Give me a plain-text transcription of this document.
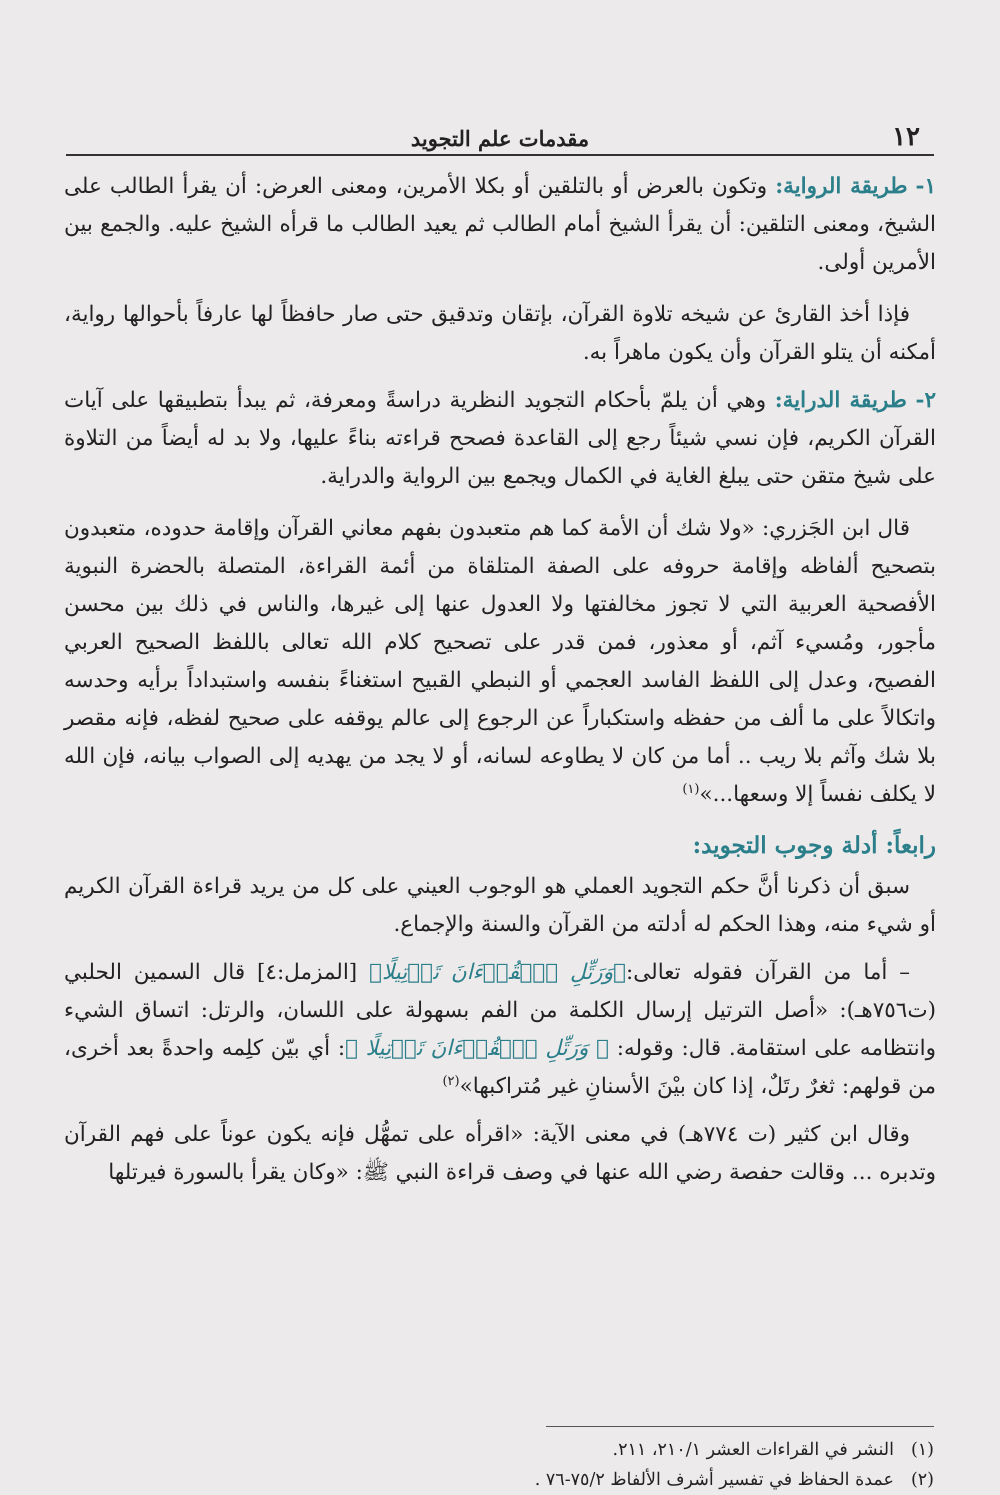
١٢
مقدمات علم التجويد

١- طريقة الرواية: وتكون بالعرض أو بالتلقين أو بكلا الأمرين، ومعنى العرض: أن يقرأ الطالب على الشيخ، ومعنى التلقين: أن يقرأ الشيخ أمام الطالب ثم يعيد الطالب ما قرأه الشيخ عليه. والجمع بين الأمرين أولى.

فإذا أخذ القارئ عن شيخه تلاوة القرآن، بإتقان وتدقيق حتى صار حافظاً لها عارفاً بأحوالها رواية، أمكنه أن يتلو القرآن وأن يكون ماهراً به.

٢- طريقة الدراية: وهي أن يلمّ بأحكام التجويد النظرية دراسةً ومعرفة، ثم يبدأ بتطبيقها على آيات القرآن الكريم، فإن نسي شيئاً رجع إلى القاعدة فصحح قراءته بناءً عليها، ولا بد له أيضاً من التلاوة على شيخ متقن حتى يبلغ الغاية في الكمال ويجمع بين الرواية والدراية.

قال ابن الجَزري: «ولا شك أن الأمة كما هم متعبدون بفهم معاني القرآن وإقامة حدوده، متعبدون بتصحيح ألفاظه وإقامة حروفه على الصفة المتلقاة من أئمة القراءة، المتصلة بالحضرة النبوية الأفصحية العربية التي لا تجوز مخالفتها ولا العدول عنها إلى غيرها، والناس في ذلك بين محسن مأجور، ومُسيء آثم، أو معذور، فمن قدر على تصحيح كلام الله تعالى باللفظ الصحيح العربي الفصيح، وعدل إلى اللفظ الفاسد العجمي أو النبطي القبيح استغناءً بنفسه واستبداداً برأيه وحدسه واتكالاً على ما ألف من حفظه واستكباراً عن الرجوع إلى عالم يوقفه على صحيح لفظه، فإنه مقصر بلا شك وآثم بلا ريب .. أما من كان لا يطاوعه لسانه، أو لا يجد من يهديه إلى الصواب بيانه، فإن الله لا يكلف نفساً إلا وسعها...»$^{(١)}$

رابعاً: أدلة وجوب التجويد:

سبق أن ذكرنا أنَّ حكم التجويد العملي هو الوجوب العيني على كل من يريد قراءة القرآن الكريم أو شيء منه، وهذا الحكم له أدلته من القرآن والسنة والإجماع.

– أما من القرآن فقوله تعالى:﴿وَرَتِّلِ ٱلۡقُرۡءَانَ تَرۡتِيلًا﴾ [المزمل:٤] قال السمين الحلبي (ت٧٥٦هـ): «أصل الترتيل إرسال الكلمة من الفم بسهولة على اللسان، والرتل: اتساق الشيء وانتظامه على استقامة. قال: وقوله: ﴿ وَرَتِّلِ ٱلۡقُرۡءَانَ تَرۡتِيلًا ﴾: أي بيّن كلِمه واحدةً بعد أخرى، من قولهم: ثغرٌ رتَلٌ، إذا كان بيْنَ الأسنانِ غير مُتراكبها»$^{(٢)}$

وقال ابن كثير (ت ٧٧٤هـ) في معنى الآية: «اقرأه على تمهُّل فإنه يكون عوناً على فهم القرآن وتدبره ... وقالت حفصة رضي الله عنها في وصف قراءة النبي ﷺ: «وكان يقرأ بالسورة فيرتلها

(١)النشر في القراءات العشر ٢١٠/١، ٢١١.
(٢)عمدة الحفاظ في تفسير أشرف الألفاظ ٧٥/٢-٧٦ .
